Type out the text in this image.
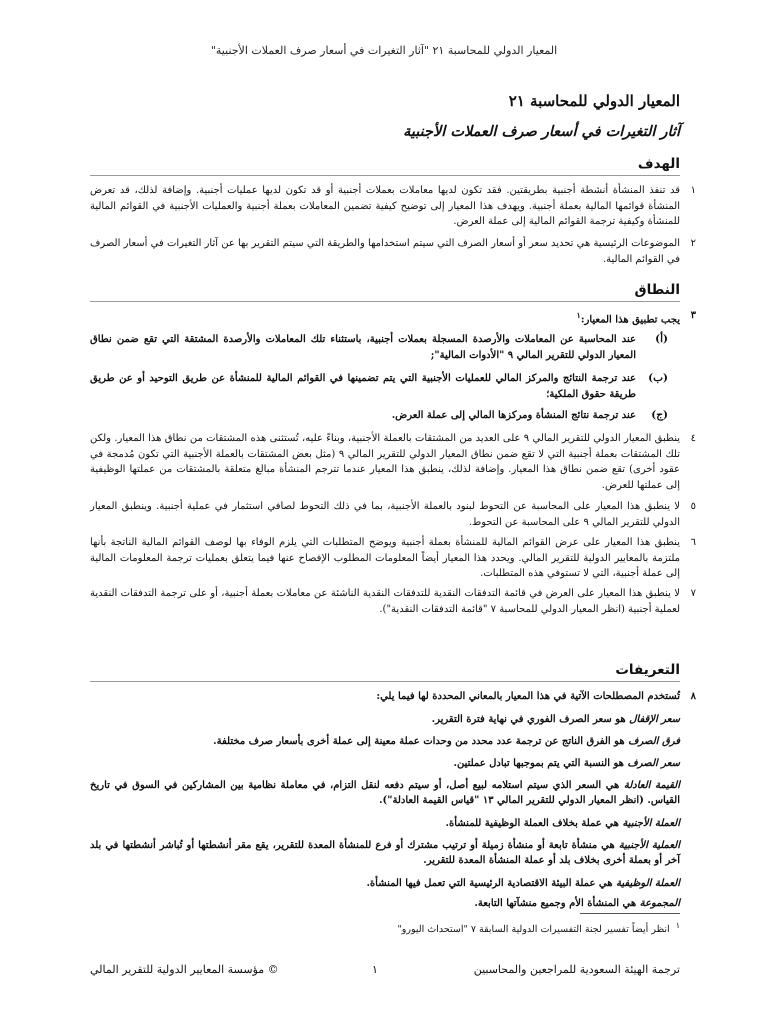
المعيار الدولي للمحاسبة ٢١ "آثار التغيرات في أسعار صرف العملات الأجنبية"
المعيار الدولي للمحاسبة ٢١
آثار التغيرات في أسعار صرف العملات الأجنبية
الهدف
١
قد تنفذ المنشأة أنشطة أجنبية بطريقتين. فقد تكون لديها معاملات بعملات أجنبية أو قد تكون لديها عمليات أجنبية. وإضافة لذلك، قد تعرض المنشأة قوائمها المالية بعملة أجنبية. ويهدف هذا المعيار إلى توضيح كيفية تضمين المعاملات بعملة أجنبية والعمليات الأجنبية في القوائم المالية للمنشأة وكيفية ترجمة القوائم المالية إلى عملة العرض.
٢
الموضوعات الرئيسية هي تحديد سعر أو أسعار الصرف التي سيتم استخدامها والطريقة التي سيتم التقرير بها عن آثار التغيرات في أسعار الصرف في القوائم المالية.
النطاق
٣
يجب تطبيق هذا المعيار:$^١$
(أ)
عند المحاسبة عن المعاملات والأرصدة المسجلة بعملات أجنبية، باستثناء تلك المعاملات والأرصدة المشتقة التي تقع ضمن نطاق المعيار الدولي للتقرير المالي ٩ "الأدوات المالية";
(ب)
عند ترجمة النتائج والمركز المالي للعمليات الأجنبية التي يتم تضمينها في القوائم المالية للمنشأة عن طريق التوحيد أو عن طريق طريقة حقوق الملكية؛
(ج)
عند ترجمة نتائج المنشأة ومركزها المالي إلى عملة العرض.
٤
ينطبق المعيار الدولي للتقرير المالي ٩ على العديد من المشتقات بالعملة الأجنبية، وبناءً عليه، تُستثنى هذه المشتقات من نطاق هذا المعيار. ولكن تلك المشتقات بعملة أجنبية التي لا تقع ضمن نطاق المعيار الدولي للتقرير المالي ٩ (مثل بعض المشتقات بالعملة الأجنبية التي تكون مُدمجة في عقود أخرى) تقع ضمن نطاق هذا المعيار. وإضافة لذلك، ينطبق هذا المعيار عندما تترجم المنشأة مبالغ متعلقة بالمشتقات من عملتها الوظيفية إلى عملتها للعرض.
٥
لا ينطبق هذا المعيار على المحاسبة عن التحوط لبنود بالعملة الأجنبية، بما في ذلك التحوط لصافي استثمار في عملية أجنبية. وينطبق المعيار الدولي للتقرير المالي ٩ على المحاسبة عن التحوط.
٦
ينطبق هذا المعيار على عرض القوائم المالية للمنشأة بعملة أجنبية ويوضح المتطلبات التي يلزم الوفاء بها لوصف القوائم المالية الناتجة بأنها ملتزمة بالمعايير الدولية للتقرير المالي. ويحدد هذا المعيار أيضاً المعلومات المطلوب الإفصاح عنها فيما يتعلق بعمليات ترجمة المعلومات المالية إلى عملة أجنبية، التي لا تستوفي هذه المتطلبات.
٧
لا ينطبق هذا المعيار على العرض في قائمة التدفقات النقدية للتدفقات النقدية الناشئة عن معاملات بعملة أجنبية، أو على ترجمة التدفقات النقدية لعملية أجنبية (انظر المعيار الدولي للمحاسبة ٧ "قائمة التدفقات النقدية").
التعريفات
٨
تُستخدم المصطلحات الآتية في هذا المعيار بالمعاني المحددة لها فيما يلي:
سعر الإقفال هو سعر الصرف الفوري في نهاية فترة التقرير.
فرق الصرف هو الفرق الناتج عن ترجمة عدد محدد من وحدات عملة معينة إلى عملة أخرى بأسعار صرف مختلفة.
سعر الصرف هو النسبة التي يتم بموجبها تبادل عملتين.
القيمة العادلة هي السعر الذي سيتم استلامه لبيع أصل، أو سيتم دفعه لنقل التزام، في معاملة نظامية بين المشاركين في السوق في تاريخ القياس. (انظر المعيار الدولي للتقرير المالي ١٣ "قياس القيمة العادلة").
العملة الأجنبية هي عملة بخلاف العملة الوظيفية للمنشأة.
العملية الأجنبية هي منشأة تابعة أو منشأة زميلة أو ترتيب مشترك أو فرع للمنشأة المعدة للتقرير، يقع مقر أنشطتها أو تُباشر أنشطتها في بلد آخر أو بعملة أخرى بخلاف بلد أو عملة المنشأة المعدة للتقرير.
العملة الوظيفية هي عملة البيئة الاقتصادية الرئيسية التي تعمل فيها المنشأة.
المجموعة هي المنشأة الأم وجميع منشآتها التابعة.
$^١$ انظر أيضاً تفسير لجنة التفسيرات الدولية السابقة ٧ "استحداث اليورو"
ترجمة الهيئة السعودية للمراجعين والمحاسبين
١
© مؤسسة المعايير الدولية للتقرير المالي
